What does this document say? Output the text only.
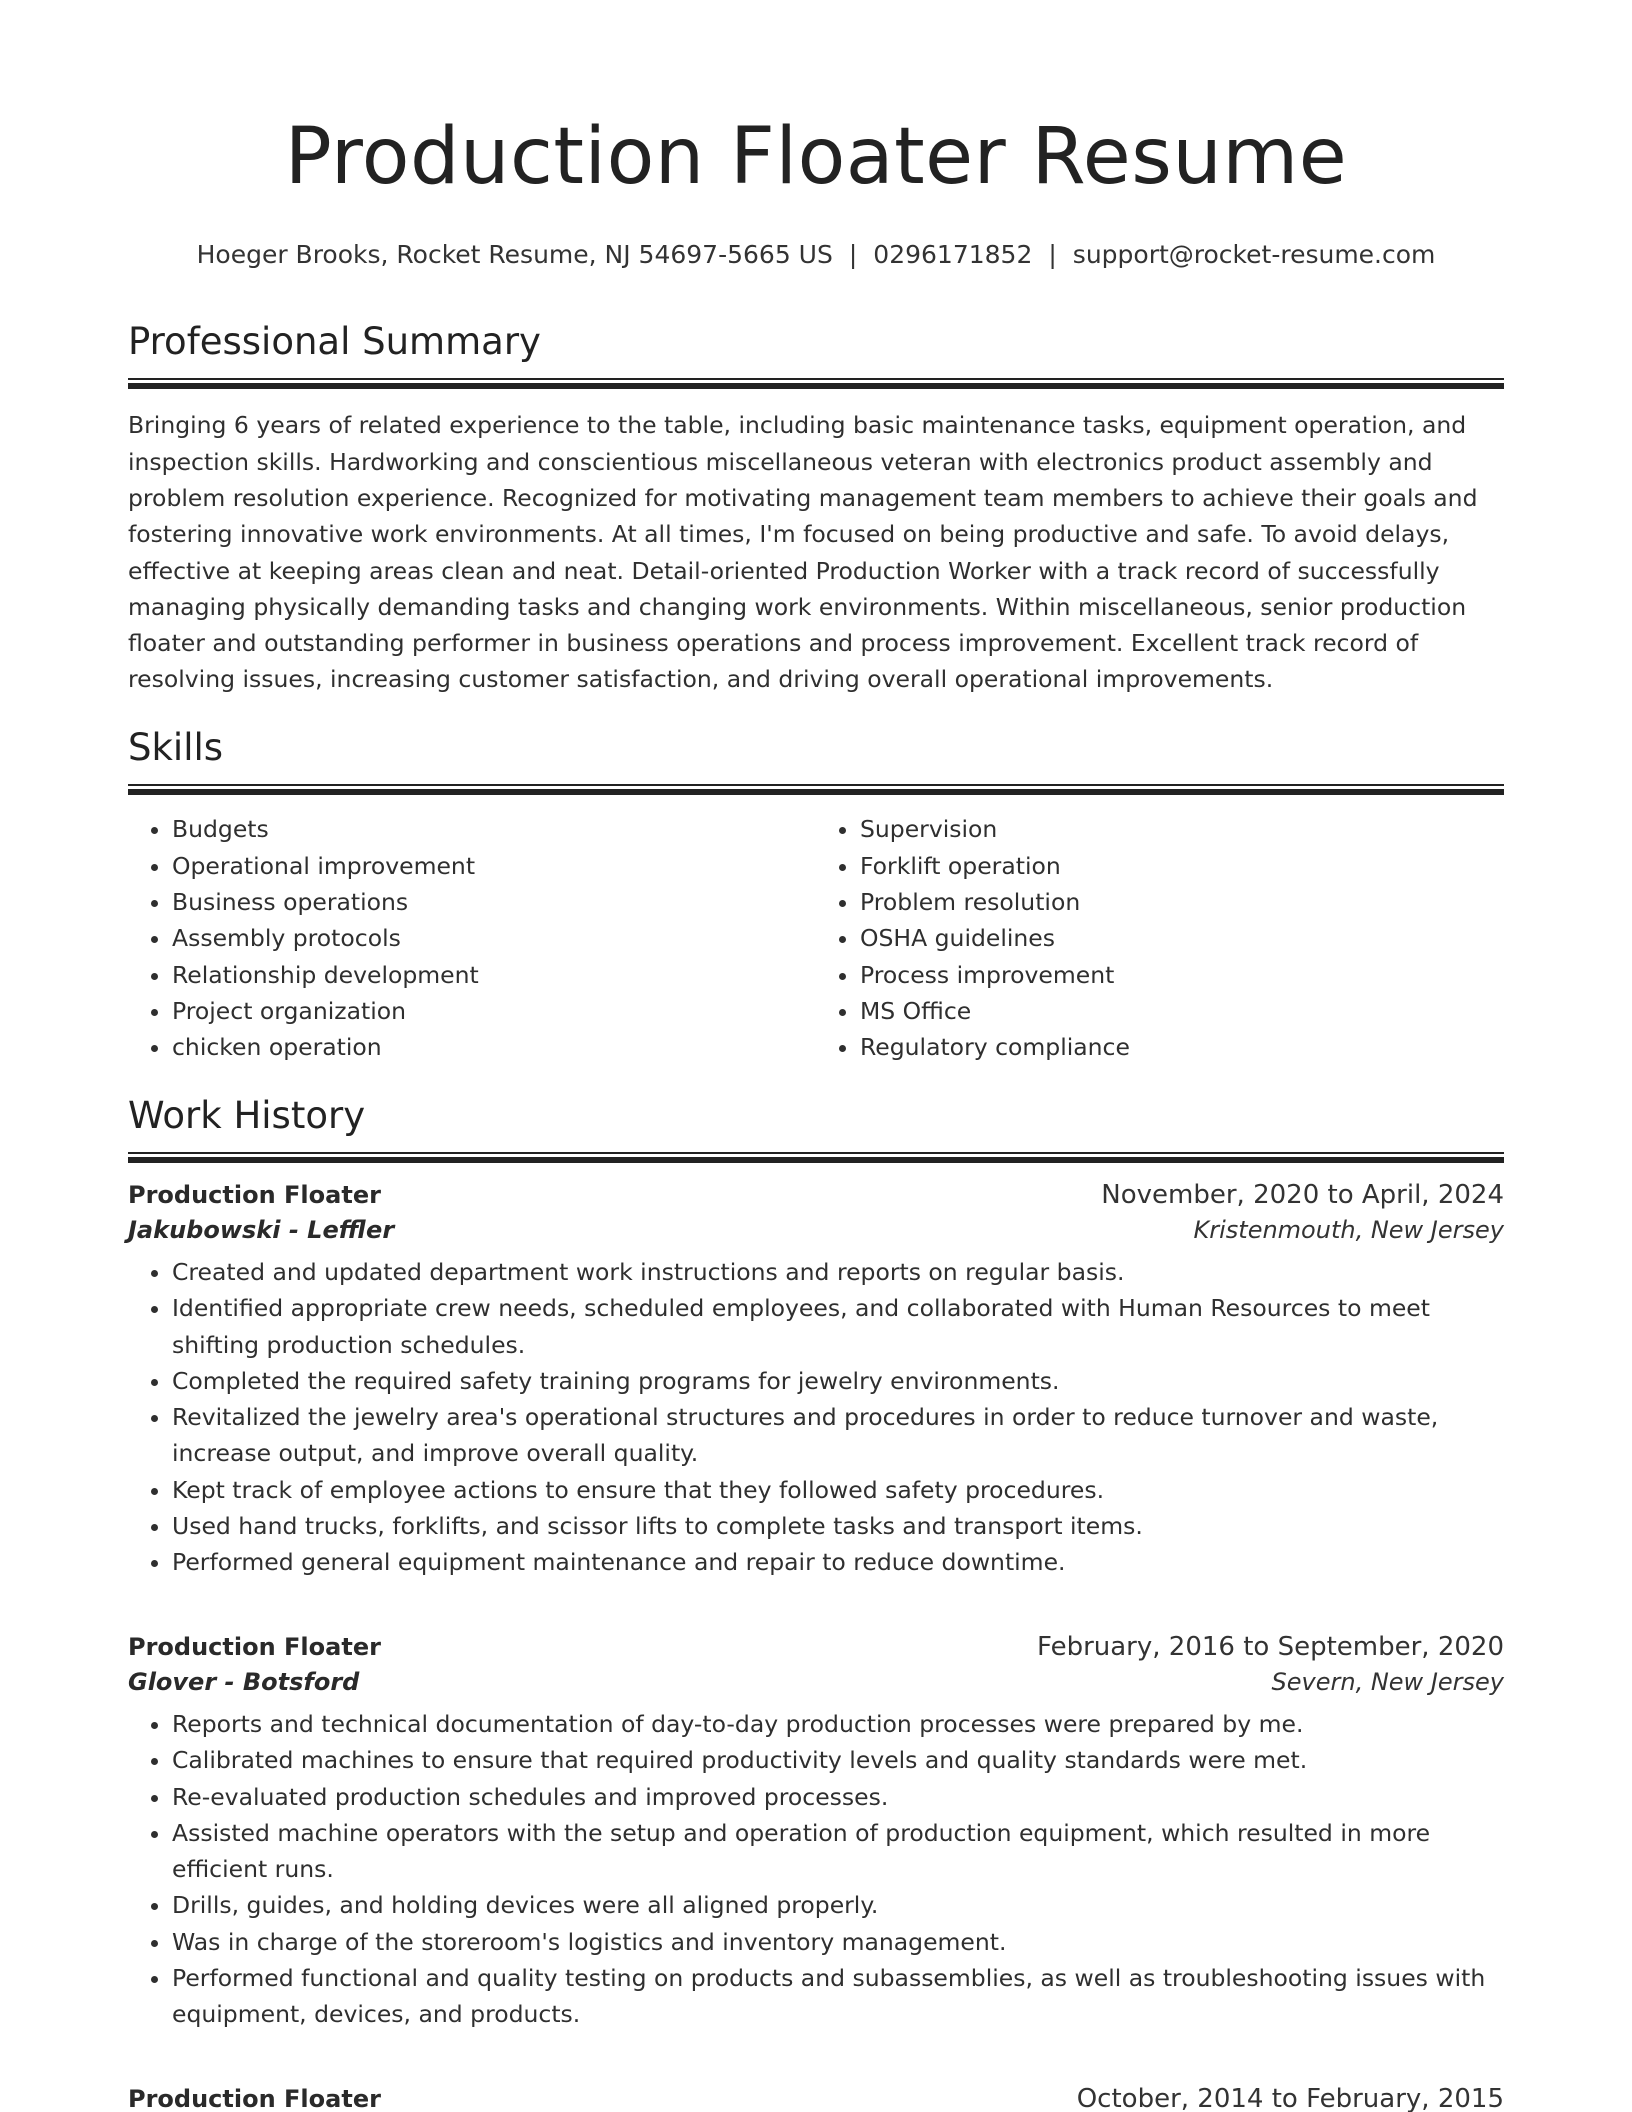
Production Floater Resume
Hoeger Brooks, Rocket Resume, NJ 54697-5665 US | 0296171852 | support@rocket-resume.com
Professional Summary

Bringing 6 years of related experience to the table, including basic maintenance tasks, equipment operation, and inspection skills. Hardworking and conscientious miscellaneous veteran with electronics product assembly and problem resolution experience. Recognized for motivating management team members to achieve their goals and fostering innovative work environments. At all times, I'm focused on being productive and safe. To avoid delays, effective at keeping areas clean and neat. Detail-oriented Production Worker with a track record of successfully managing physically demanding tasks and changing work environments. Within miscellaneous, senior production floater and outstanding performer in business operations and process improvement. Excellent track record of resolving issues, increasing customer satisfaction, and driving overall operational improvements.

Skills
• Budgets
• Operational improvement
• Business operations
• Assembly protocols
• Relationship development
• Project organization
• chicken operation
• Supervision
• Forklift operation
• Problem resolution
• OSHA guidelines
• Process improvement
• MS Office
• Regulatory compliance
Work History
Production Floater	November, 2020 to April, 2024
Jakubowski - Leffler	Kristenmouth, New Jersey
• Created and updated department work instructions and reports on regular basis.
• Identified appropriate crew needs, scheduled employees, and collaborated with Human Resources to meet shifting production schedules.
• Completed the required safety training programs for jewelry environments.
• Revitalized the jewelry area's operational structures and procedures in order to reduce turnover and waste, increase output, and improve overall quality.
• Kept track of employee actions to ensure that they followed safety procedures.
• Used hand trucks, forklifts, and scissor lifts to complete tasks and transport items.
• Performed general equipment maintenance and repair to reduce downtime.
Production Floater	February, 2016 to September, 2020
Glover - Botsford	Severn, New Jersey
• Reports and technical documentation of day-to-day production processes were prepared by me.
• Calibrated machines to ensure that required productivity levels and quality standards were met.
• Re-evaluated production schedules and improved processes.
• Assisted machine operators with the setup and operation of production equipment, which resulted in more efficient runs.
• Drills, guides, and holding devices were all aligned properly.
• Was in charge of the storeroom's logistics and inventory management.
• Performed functional and quality testing on products and subassemblies, as well as troubleshooting issues with equipment, devices, and products.
Production Floater	October, 2014 to February, 2015
